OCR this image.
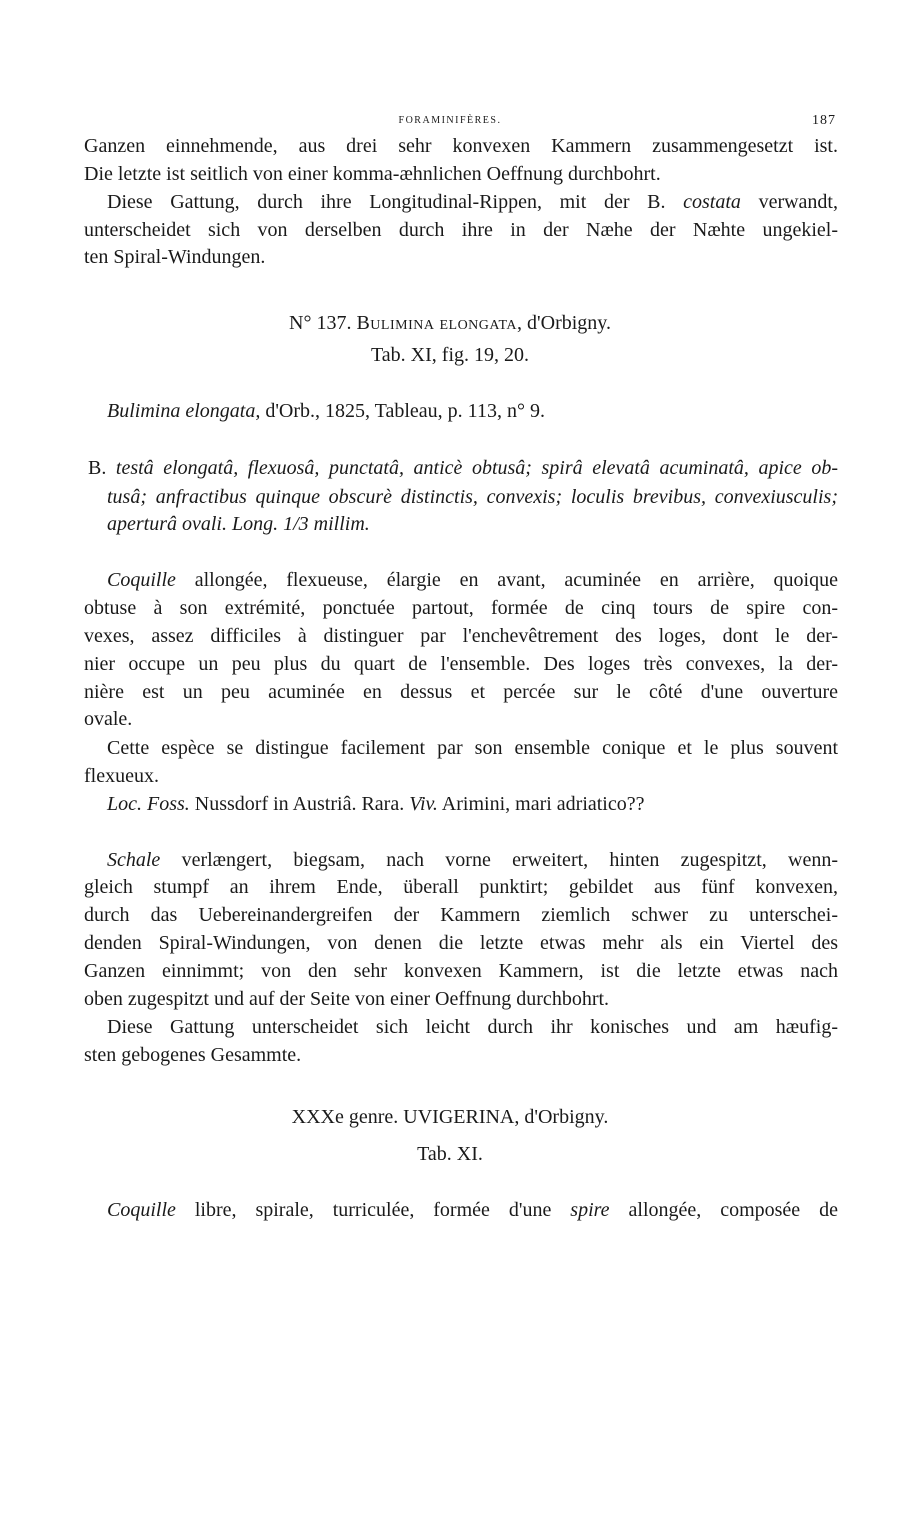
FORAMINIFÈRES.	187
Ganzen einnehmende, aus drei sehr konvexen Kammern zusammengesetzt ist.
Die letzte ist seitlich von einer komma-æhnlichen Oeffnung durchbohrt.
Diese Gattung, durch ihre Longitudinal-Rippen, mit der B. costata verwandt,
unterscheidet sich von derselben durch ihre in der Næhe der Næhte ungekiel-
ten Spiral-Windungen.
N° 137. Bulimina elongata, d'Orbigny.
Tab. XI, fig. 19, 20.
Bulimina elongata, d'Orb., 1825, Tableau, p. 113, n° 9.
B. testâ elongatâ, flexuosâ, punctatâ, anticè obtusâ; spirâ elevatâ acuminatâ, apice ob-
tusâ; anfractibus quinque obscurè distinctis, convexis; loculis brevibus, convexiusculis;
aperturâ ovali. Long. 1/3 millim.
Coquille allongée, flexueuse, élargie en avant, acuminée en arrière, quoique
obtuse à son extrémité, ponctuée partout, formée de cinq tours de spire con-
vexes, assez difficiles à distinguer par l'enchevêtrement des loges, dont le der-
nier occupe un peu plus du quart de l'ensemble. Des loges très convexes, la der-
nière est un peu acuminée en dessus et percée sur le côté d'une ouverture
ovale.
Cette espèce se distingue facilement par son ensemble conique et le plus souvent
flexueux.
Loc. Foss. Nussdorf in Austriâ. Rara. Viv. Arimini, mari adriatico??
Schale verlængert, biegsam, nach vorne erweitert, hinten zugespitzt, wenn-
gleich stumpf an ihrem Ende, überall punktirt; gebildet aus fünf konvexen,
durch das Uebereinandergreifen der Kammern ziemlich schwer zu unterschei-
denden Spiral-Windungen, von denen die letzte etwas mehr als ein Viertel des
Ganzen einnimmt; von den sehr konvexen Kammern, ist die letzte etwas nach
oben zugespitzt und auf der Seite von einer Oeffnung durchbohrt.
Diese Gattung unterscheidet sich leicht durch ihr konisches und am hæufig-
sten gebogenes Gesammte.
XXXe genre. UVIGERINA, d'Orbigny.
Tab. XI.
Coquille libre, spirale, turriculée, formée d'une spire allongée, composée de
